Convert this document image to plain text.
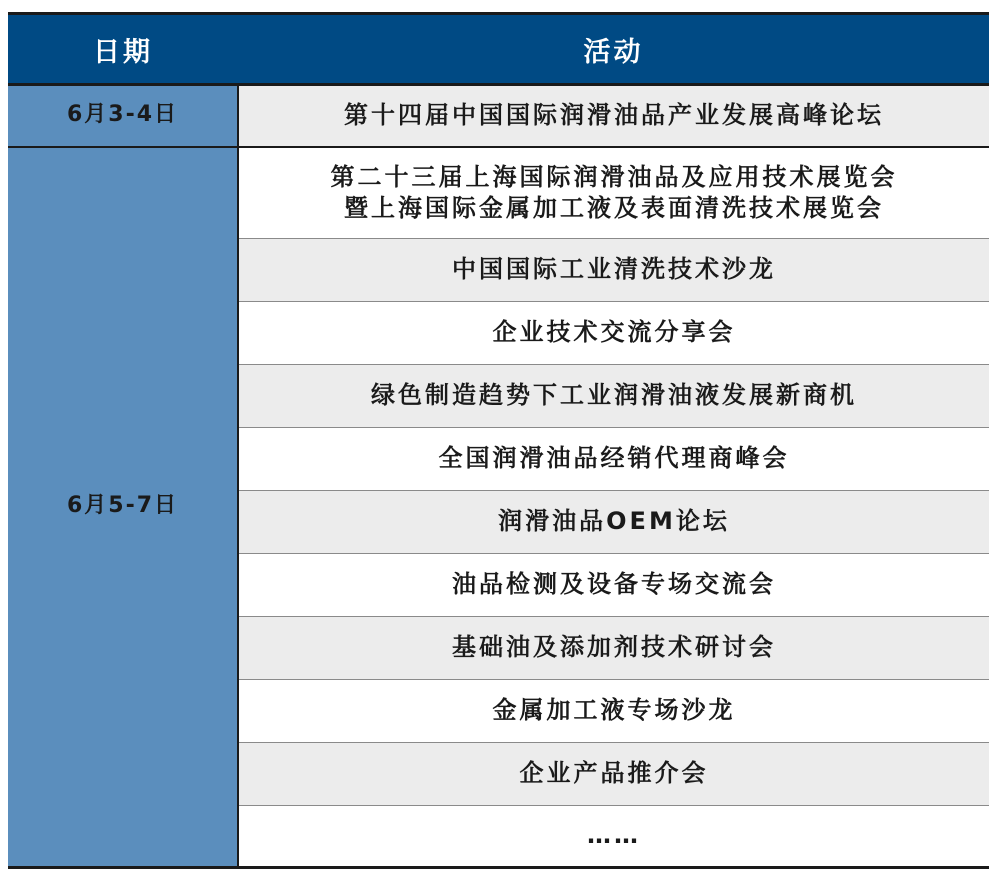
日期	活动
6月3-4日	第十四届中国国际润滑油品产业发展高峰论坛

6月5-7日	第二十三届上海国际润滑油品及应用技术展览会
暨上海国际金属加工液及表面清洗技术展览会

	中国国际工业清洗技术沙龙

	企业技术交流分享会

	绿色制造趋势下工业润滑油液发展新商机

	全国润滑油品经销代理商峰会

	润滑油品OEM论坛

	油品检测及设备专场交流会

	基础油及添加剂技术研讨会

	金属加工液专场沙龙

	企业产品推介会

	……
